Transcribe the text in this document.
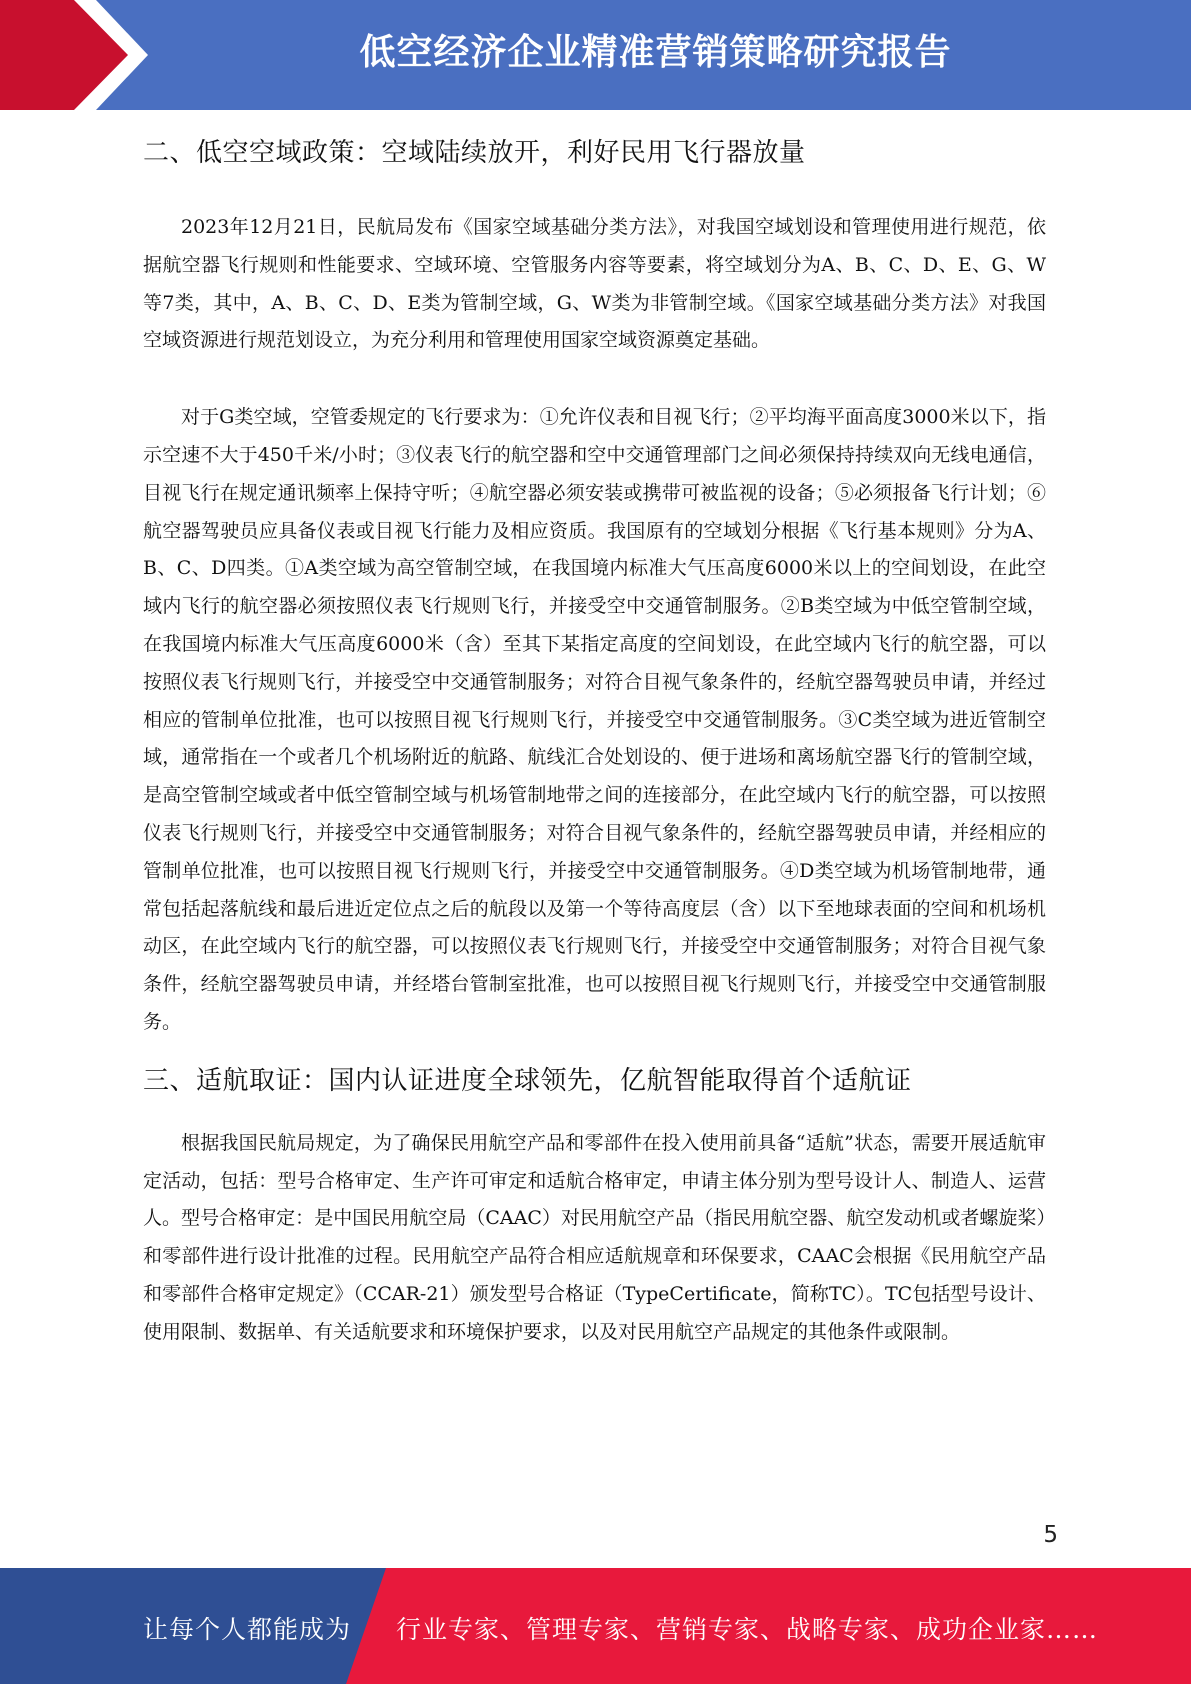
低空经济企业精准营销策略研究报告
二、低空空域政策：空域陆续放开，利好民用飞行器放量

2023年12月21日，民航局发布《国家空域基础分类方法》，对我国空域划设和管理使用进行规范，依据航空器飞行规则和性能要求、空域环境、空管服务内容等要素，将空域划分为A、B、C、D、E、G、W等7类，其中，A、B、C、D、E类为管制空域，G、W类为非管制空域。《国家空域基础分类方法》对我国空域资源进行规范划设立，为充分利用和管理使用国家空域资源奠定基础。

对于G类空域，空管委规定的飞行要求为：①允许仪表和目视飞行；②平均海平面高度3000米以下，指示空速不大于450千米/小时；③仪表飞行的航空器和空中交通管理部门之间必须保持持续双向无线电通信，目视飞行在规定通讯频率上保持守听；④航空器必须安装或携带可被监视的设备；⑤必须报备飞行计划；⑥航空器驾驶员应具备仪表或目视飞行能力及相应资质。我国原有的空域划分根据《飞行基本规则》分为A、B、C、D四类。①A类空域为高空管制空域，在我国境内标准大气压高度6000米以上的空间划设，在此空域内飞行的航空器必须按照仪表飞行规则飞行，并接受空中交通管制服务。②B类空域为中低空管制空域，在我国境内标准大气压高度6000米（含）至其下某指定高度的空间划设，在此空域内飞行的航空器，可以按照仪表飞行规则飞行，并接受空中交通管制服务；对符合目视气象条件的，经航空器驾驶员申请，并经过相应的管制单位批准，也可以按照目视飞行规则飞行，并接受空中交通管制服务。③C类空域为进近管制空域，通常指在一个或者几个机场附近的航路、航线汇合处划设的、便于进场和离场航空器飞行的管制空域，是高空管制空域或者中低空管制空域与机场管制地带之间的连接部分，在此空域内飞行的航空器，可以按照仪表飞行规则飞行，并接受空中交通管制服务；对符合目视气象条件的，经航空器驾驶员申请，并经相应的管制单位批准，也可以按照目视飞行规则飞行，并接受空中交通管制服务。④D类空域为机场管制地带，通常包括起落航线和最后进近定位点之后的航段以及第一个等待高度层（含）以下至地球表面的空间和机场机动区，在此空域内飞行的航空器，可以按照仪表飞行规则飞行，并接受空中交通管制服务；对符合目视气象条件，经航空器驾驶员申请，并经塔台管制室批准，也可以按照目视飞行规则飞行，并接受空中交通管制服务。

三、适航取证：国内认证进度全球领先，亿航智能取得首个适航证

根据我国民航局规定，为了确保民用航空产品和零部件在投入使用前具备“适航”状态，需要开展适航审定活动，包括：型号合格审定、生产许可审定和适航合格审定，申请主体分别为型号设计人、制造人、运营人。型号合格审定：是中国民用航空局（CAAC）对民用航空产品（指民用航空器、航空发动机或者螺旋桨）和零部件进行设计批准的过程。民用航空产品符合相应适航规章和环保要求，CAAC会根据《民用航空产品和零部件合格审定规定》（CCAR-21）颁发型号合格证（TypeCertificate，简称TC）。TC包括型号设计、使用限制、数据单、有关适航要求和环境保护要求，以及对民用航空产品规定的其他条件或限制。

5
让每个人都能成为 行业专家、管理专家、营销专家、战略专家、成功企业家……
